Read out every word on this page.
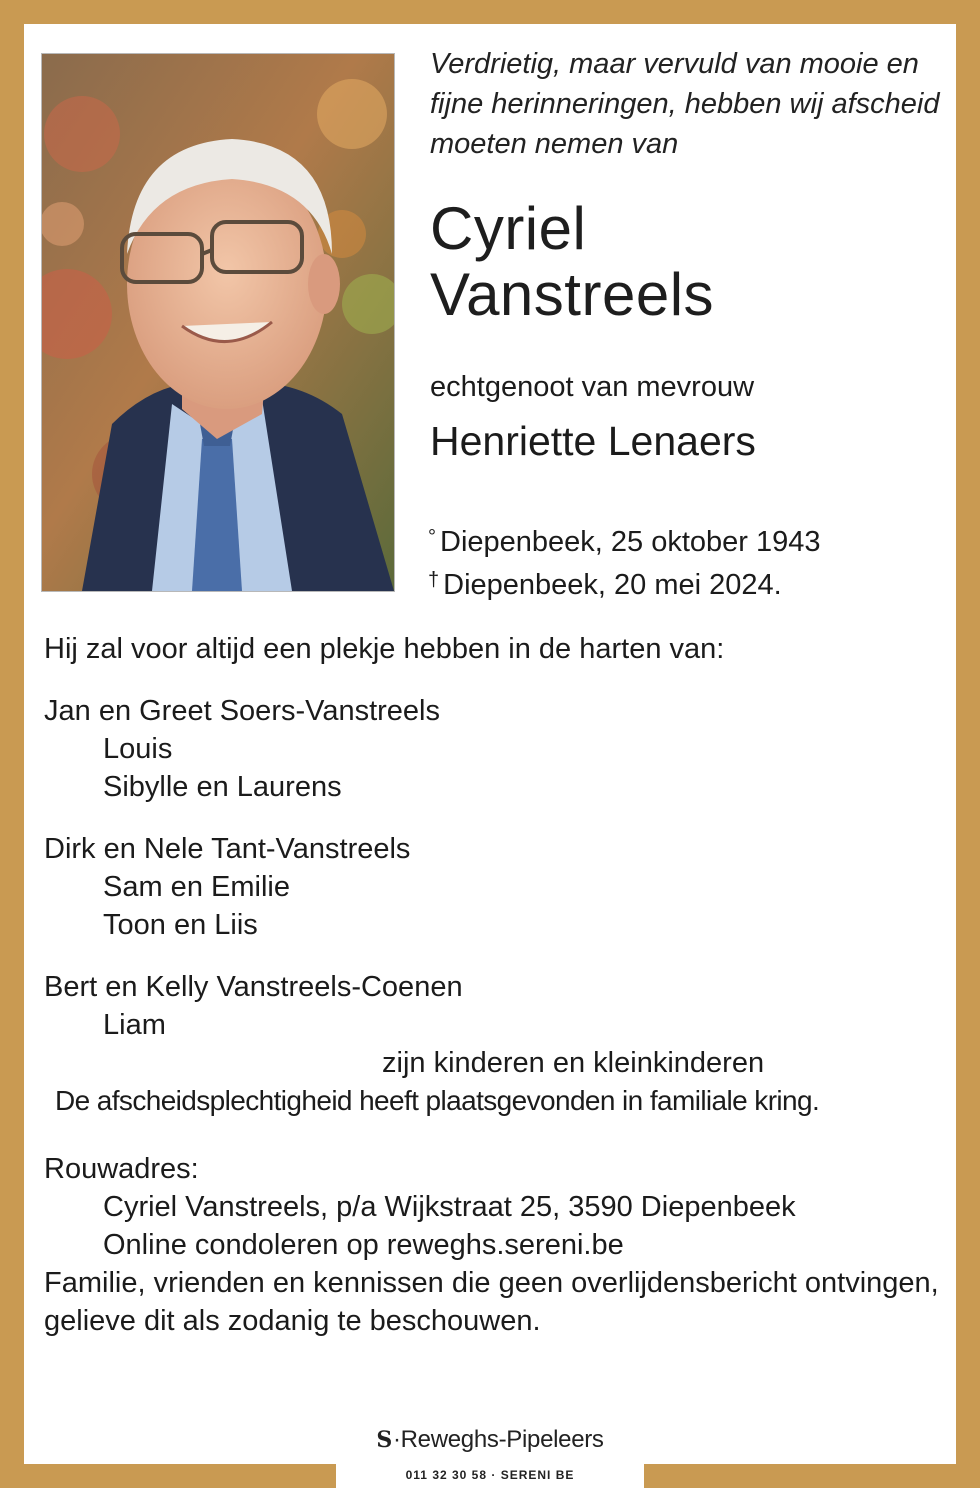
Verdrietig, maar vervuld van mooie en fijne herinneringen, hebben wij afscheid moeten nemen van

Cyriel
Vanstreels

echtgenoot van mevrouw

Henriette Lenaers

° Diepenbeek, 25 oktober 1943
† Diepenbeek, 20 mei 2024.

Hij zal voor altijd een plekje hebben in de harten van:

Jan en Greet Soers-Vanstreels

Louis

Sibylle en Laurens

Dirk en Nele Tant-Vanstreels

Sam en Emilie

Toon en Liis

Bert en Kelly Vanstreels-Coenen

Liam

zijn kinderen en kleinkinderen

De afscheidsplechtigheid heeft plaatsgevonden in familiale kring.

Rouwadres:

Cyriel Vanstreels, p/a Wijkstraat 25, 3590 Diepenbeek

Online condoleren op reweghs.sereni.be

Familie, vrienden en kennissen die geen overlijdensbericht ontvingen, gelieve dit als zodanig te beschouwen.

S·Reweghs-Pipeleers
011 32 30 58 · SERENI BE
